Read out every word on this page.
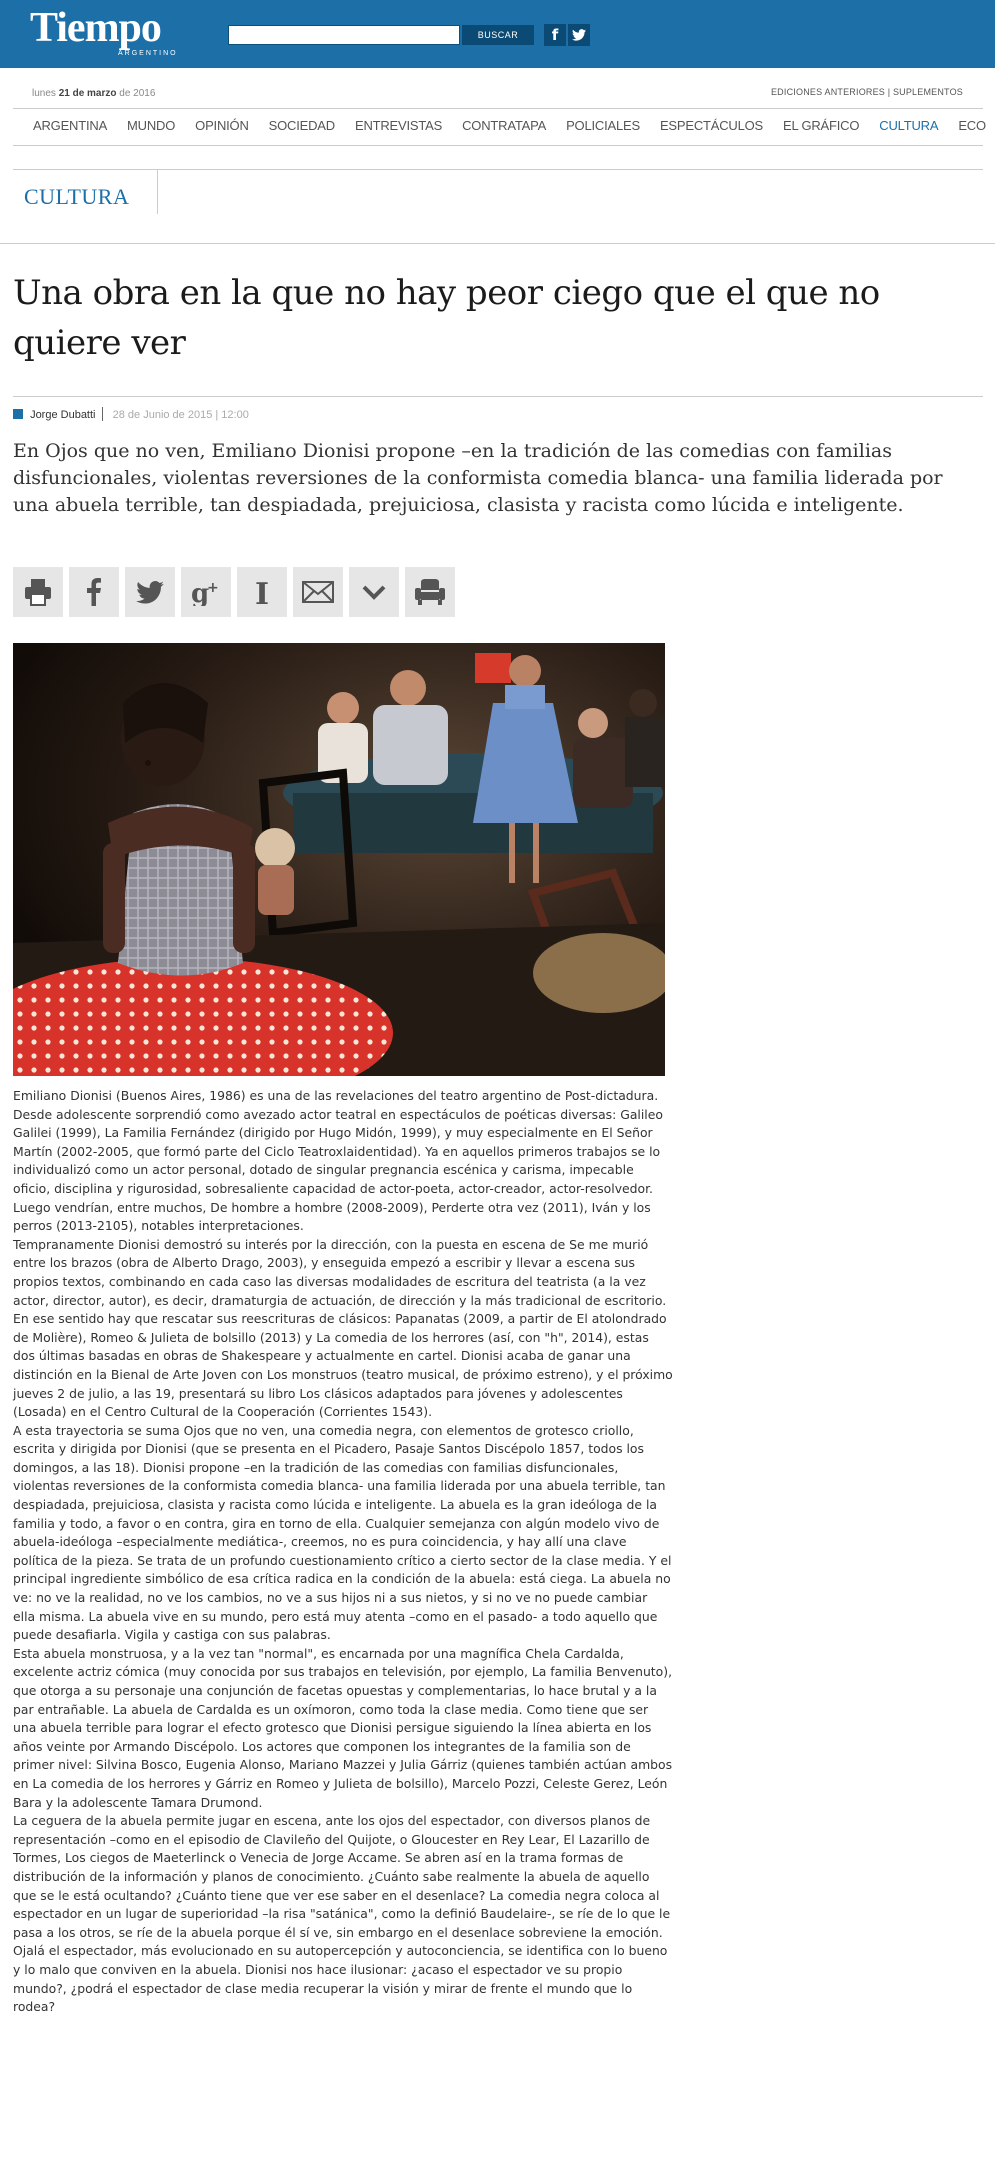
Tiempo
ARGENTINO
BUSCAR	f
lunes 21 de marzo de 2016	EDICIONES ANTERIORES | SUPLEMENTOS
ARGENTINA MUNDO OPINIÓN SOCIEDAD ENTREVISTAS CONTRATAPA POLICIALES ESPECTÁCULOS EL GRÁFICO CULTURA ECO
CULTURA
Una obra en la que no hay peor ciego que el que no quiere ver
Jorge Dubatti 28 de Junio de 2015 | 12:00

En Ojos que no ven, Emiliano Dionisi propone –en la tradición de las comedias con familias disfuncionales, violentas reversiones de la conformista comedia blanca- una familia liderada por una abuela terrible, tan despiadada, prejuiciosa, clasista y racista como lúcida e inteligente.

g
+ I

Emiliano Dionisi (Buenos Aires, 1986) es una de las revelaciones del teatro argentino de Post-dictadura. Desde adolescente sorprendió como avezado actor teatral en espectáculos de poéticas diversas: Galileo Galilei (1999), La Familia Fernández (dirigido por Hugo Midón, 1999), y muy especialmente en El Señor Martín (2002-2005, que formó parte del Ciclo Teatroxlaidentidad). Ya en aquellos primeros trabajos se lo individualizó como un actor personal, dotado de singular pregnancia escénica y carisma, impecable oficio, disciplina y rigurosidad, sobresaliente capacidad de actor-poeta, actor-creador, actor-resolvedor. Luego vendrían, entre muchos, De hombre a hombre (2008-2009), Perderte otra vez (2011), Iván y los perros (2013-2105), notables interpretaciones.

Tempranamente Dionisi demostró su interés por la dirección, con la puesta en escena de Se me murió entre los brazos (obra de Alberto Drago, 2003), y enseguida empezó a escribir y llevar a escena sus propios textos, combinando en cada caso las diversas modalidades de escritura del teatrista (a la vez actor, director, autor), es decir, dramaturgia de actuación, de dirección y la más tradicional de escritorio. En ese sentido hay que rescatar sus reescrituras de clásicos: Papanatas (2009, a partir de El atolondrado de Molière), Romeo & Julieta de bolsillo (2013) y La comedia de los herrores (así, con "h", 2014), estas dos últimas basadas en obras de Shakespeare y actualmente en cartel. Dionisi acaba de ganar una distinción en la Bienal de Arte Joven con Los monstruos (teatro musical, de próximo estreno), y el próximo jueves 2 de julio, a las 19, presentará su libro Los clásicos adaptados para jóvenes y adolescentes (Losada) en el Centro Cultural de la Cooperación (Corrientes 1543).

A esta trayectoria se suma Ojos que no ven, una comedia negra, con elementos de grotesco criollo, escrita y dirigida por Dionisi (que se presenta en el Picadero, Pasaje Santos Discépolo 1857, todos los domingos, a las 18). Dionisi propone –en la tradición de las comedias con familias disfuncionales, violentas reversiones de la conformista comedia blanca- una familia liderada por una abuela terrible, tan despiadada, prejuiciosa, clasista y racista como lúcida e inteligente. La abuela es la gran ideóloga de la familia y todo, a favor o en contra, gira en torno de ella. Cualquier semejanza con algún modelo vivo de abuela-ideóloga –especialmente mediática-, creemos, no es pura coincidencia, y hay allí una clave política de la pieza. Se trata de un profundo cuestionamiento crítico a cierto sector de la clase media. Y el principal ingrediente simbólico de esa crítica radica en la condición de la abuela: está ciega. La abuela no ve: no ve la realidad, no ve los cambios, no ve a sus hijos ni a sus nietos, y si no ve no puede cambiar ella misma. La abuela vive en su mundo, pero está muy atenta –como en el pasado- a todo aquello que puede desafiarla. Vigila y castiga con sus palabras.

Esta abuela monstruosa, y a la vez tan "normal", es encarnada por una magnífica Chela Cardalda, excelente actriz cómica (muy conocida por sus trabajos en televisión, por ejemplo, La familia Benvenuto), que otorga a su personaje una conjunción de facetas opuestas y complementarias, lo hace brutal y a la par entrañable. La abuela de Cardalda es un oxímoron, como toda la clase media. Como tiene que ser una abuela terrible para lograr el efecto grotesco que Dionisi persigue siguiendo la línea abierta en los años veinte por Armando Discépolo. Los actores que componen los integrantes de la familia son de primer nivel: Silvina Bosco, Eugenia Alonso, Mariano Mazzei y Julia Gárriz (quienes también actúan ambos en La comedia de los herrores y Gárriz en Romeo y Julieta de bolsillo), Marcelo Pozzi, Celeste Gerez, León Bara y la adolescente Tamara Drumond.

La ceguera de la abuela permite jugar en escena, ante los ojos del espectador, con diversos planos de representación –como en el episodio de Clavileño del Quijote, o Gloucester en Rey Lear, El Lazarillo de Tormes, Los ciegos de Maeterlinck o Venecia de Jorge Accame. Se abren así en la trama formas de distribución de la información y planos de conocimiento. ¿Cuánto sabe realmente la abuela de aquello que se le está ocultando? ¿Cuánto tiene que ver ese saber en el desenlace? La comedia negra coloca al espectador en un lugar de superioridad –la risa "satánica", como la definió Baudelaire-, se ríe de lo que le pasa a los otros, se ríe de la abuela porque él sí ve, sin embargo en el desenlace sobreviene la emoción. Ojalá el espectador, más evolucionado en su autopercepción y autoconciencia, se identifica con lo bueno y lo malo que conviven en la abuela. Dionisi nos hace ilusionar: ¿acaso el espectador ve su propio mundo?, ¿podrá el espectador de clase media recuperar la visión y mirar de frente el mundo que lo rodea?
